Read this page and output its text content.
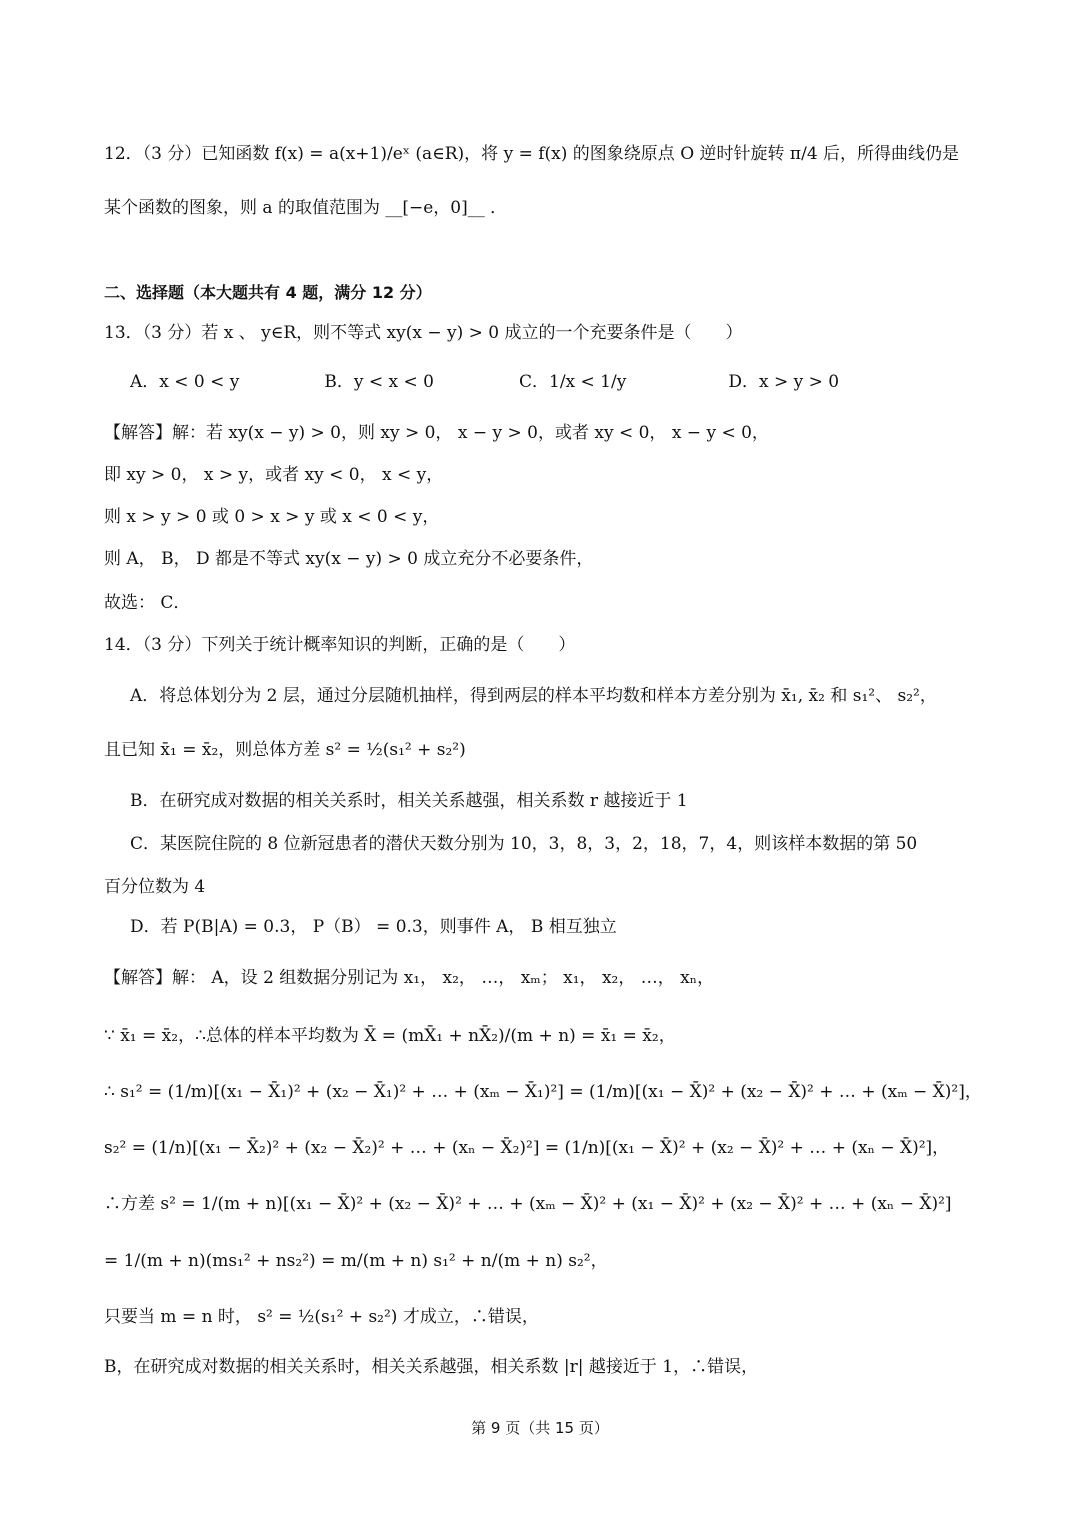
12．（3 分）已知函数 f(x) = a(x+1)/eˣ (a∈R)，将 y = f(x) 的图象绕原点 O 逆时针旋转 π/4 后，所得曲线仍是
某个函数的图象，则 a 的取值范围为 __[−e，0]__ ．
二、选择题（本大题共有 4 题，满分 12 分）
13．（3 分）若 x 、 y∈R，则不等式 xy(x − y) > 0 成立的一个充要条件是（　　）
A．x < 0 < y　　　　　B．y < x < 0　　　　　C．1/x < 1/y　　　　　　D．x > y > 0
【解答】解：若 xy(x − y) > 0，则 xy > 0， x − y > 0，或者 xy < 0， x − y < 0，
即 xy > 0， x > y，或者 xy < 0， x < y，
则 x > y > 0 或 0 > x > y 或 x < 0 < y，
则 A， B， D 都是不等式 xy(x − y) > 0 成立充分不必要条件，
故选： C．
14．（3 分）下列关于统计概率知识的判断，正确的是（　　）
A．将总体划分为 2 层，通过分层随机抽样，得到两层的样本平均数和样本方差分别为 x̄₁, x̄₂ 和 s₁²、 s₂²，
且已知 x̄₁ = x̄₂，则总体方差 s² = ½(s₁² + s₂²)
B．在研究成对数据的相关关系时，相关关系越强，相关系数 r 越接近于 1
C．某医院住院的 8 位新冠患者的潜伏天数分别为 10，3，8，3，2，18，7，4，则该样本数据的第 50
百分位数为 4
D．若 P(B|A) = 0.3， P（B） = 0.3，则事件 A， B 相互独立
【解答】解： A，设 2 组数据分别记为 x₁， x₂， …， xₘ； x₁， x₂， …， xₙ，
∵ x̄₁ = x̄₂，∴总体的样本平均数为 X̄ = (mX̄₁ + nX̄₂)/(m + n) = x̄₁ = x̄₂，
∴ s₁² = (1/m)[(x₁ − X̄₁)² + (x₂ − X̄₁)² + … + (xₘ − X̄₁)²] = (1/m)[(x₁ − X̄)² + (x₂ − X̄)² + … + (xₘ − X̄)²]，
s₂² = (1/n)[(x₁ − X̄₂)² + (x₂ − X̄₂)² + … + (xₙ − X̄₂)²] = (1/n)[(x₁ − X̄)² + (x₂ − X̄)² + … + (xₙ − X̄)²]，
∴方差 s² = 1/(m + n)[(x₁ − X̄)² + (x₂ − X̄)² + … + (xₘ − X̄)² + (x₁ − X̄)² + (x₂ − X̄)² + … + (xₙ − X̄)²]
= 1/(m + n)(ms₁² + ns₂²) = m/(m + n) s₁² + n/(m + n) s₂²，
只要当 m = n 时， s² = ½(s₁² + s₂²) 才成立，∴错误，
B，在研究成对数据的相关关系时，相关关系越强，相关系数 |r| 越接近于 1，∴错误，
第 9 页（共 15 页）
